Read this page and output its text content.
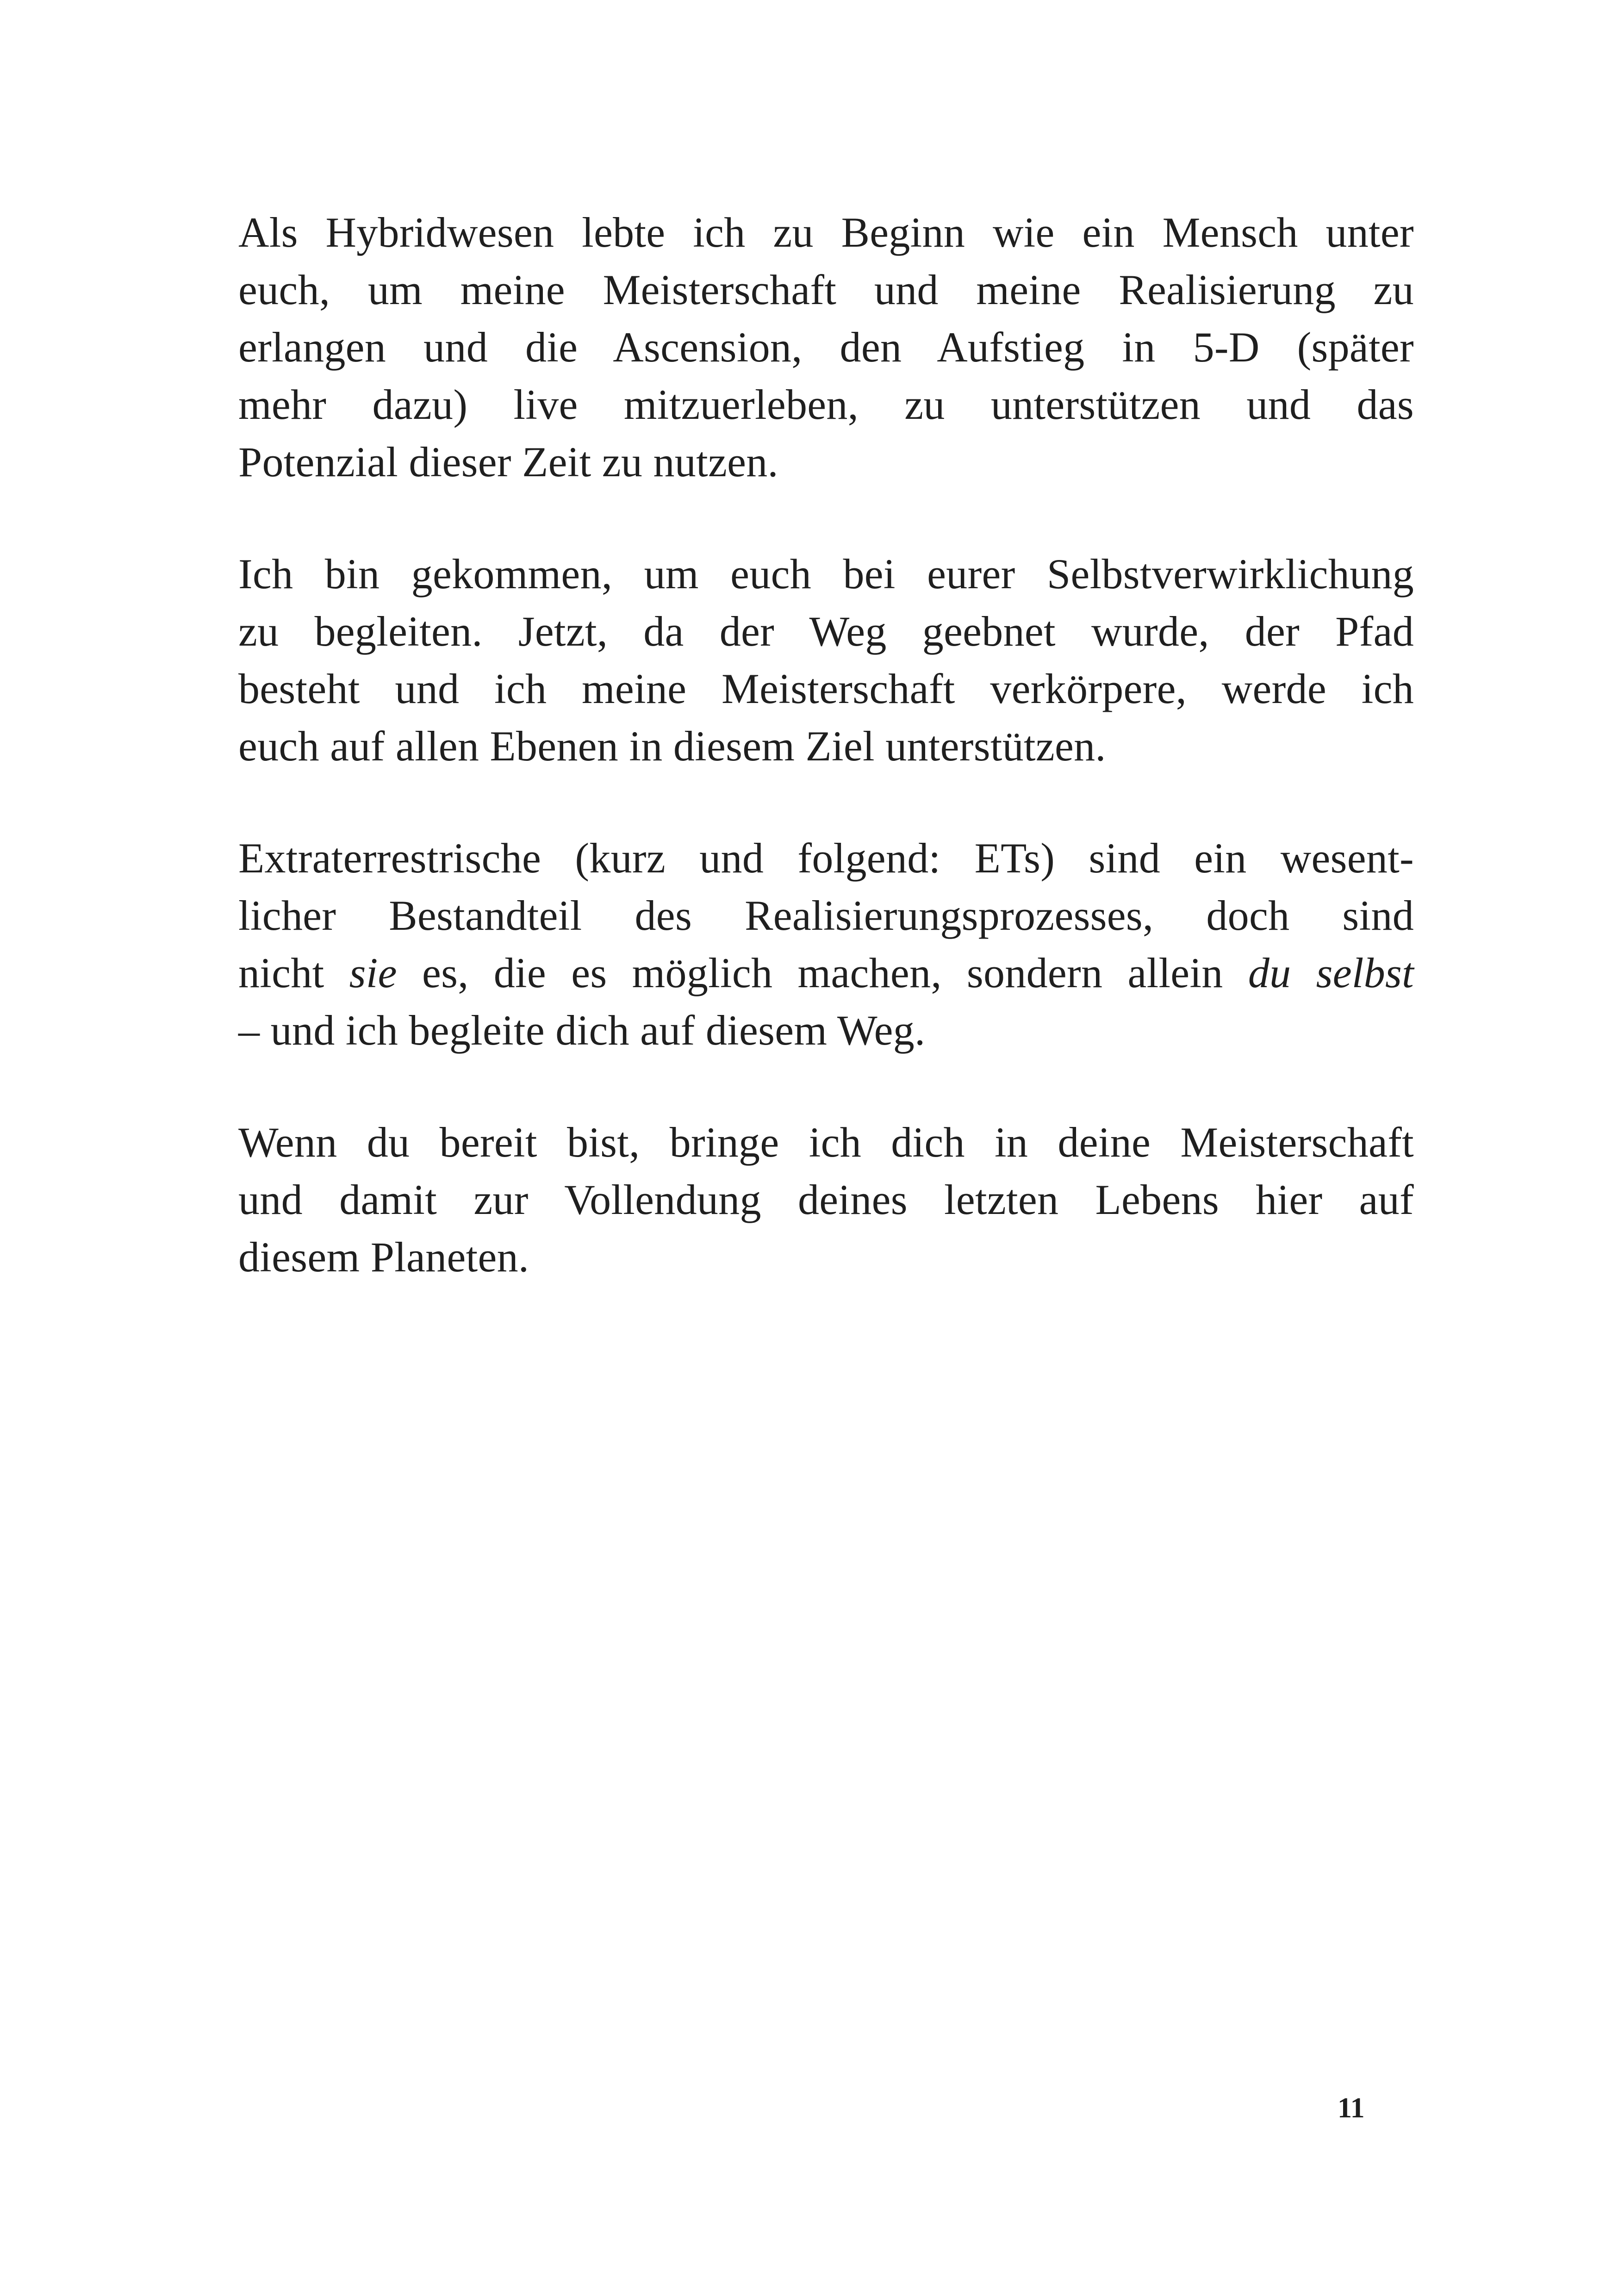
Als Hybridwesen lebte ich zu Beginn wie ein Mensch unter
euch, um meine Meisterschaft und meine Realisierung zu
erlangen und die Ascension, den Aufstieg in 5-D (später
mehr dazu) live mitzuerleben, zu unterstützen und das
Potenzial dieser Zeit zu nutzen.

Ich bin gekommen, um euch bei eurer Selbstverwirklichung
zu begleiten. Jetzt, da der Weg geebnet wurde, der Pfad
besteht und ich meine Meisterschaft verkörpere, werde ich
euch auf allen Ebenen in diesem Ziel unterstützen.

Extraterrestrische (kurz und folgend: ETs) sind ein wesent-
licher Bestandteil des Realisierungsprozesses, doch sind
nicht sie es, die es möglich machen, sondern allein du selbst
– und ich begleite dich auf diesem Weg.

Wenn du bereit bist, bringe ich dich in deine Meisterschaft
und damit zur Vollendung deines letzten Lebens hier auf
diesem Planeten.

11
